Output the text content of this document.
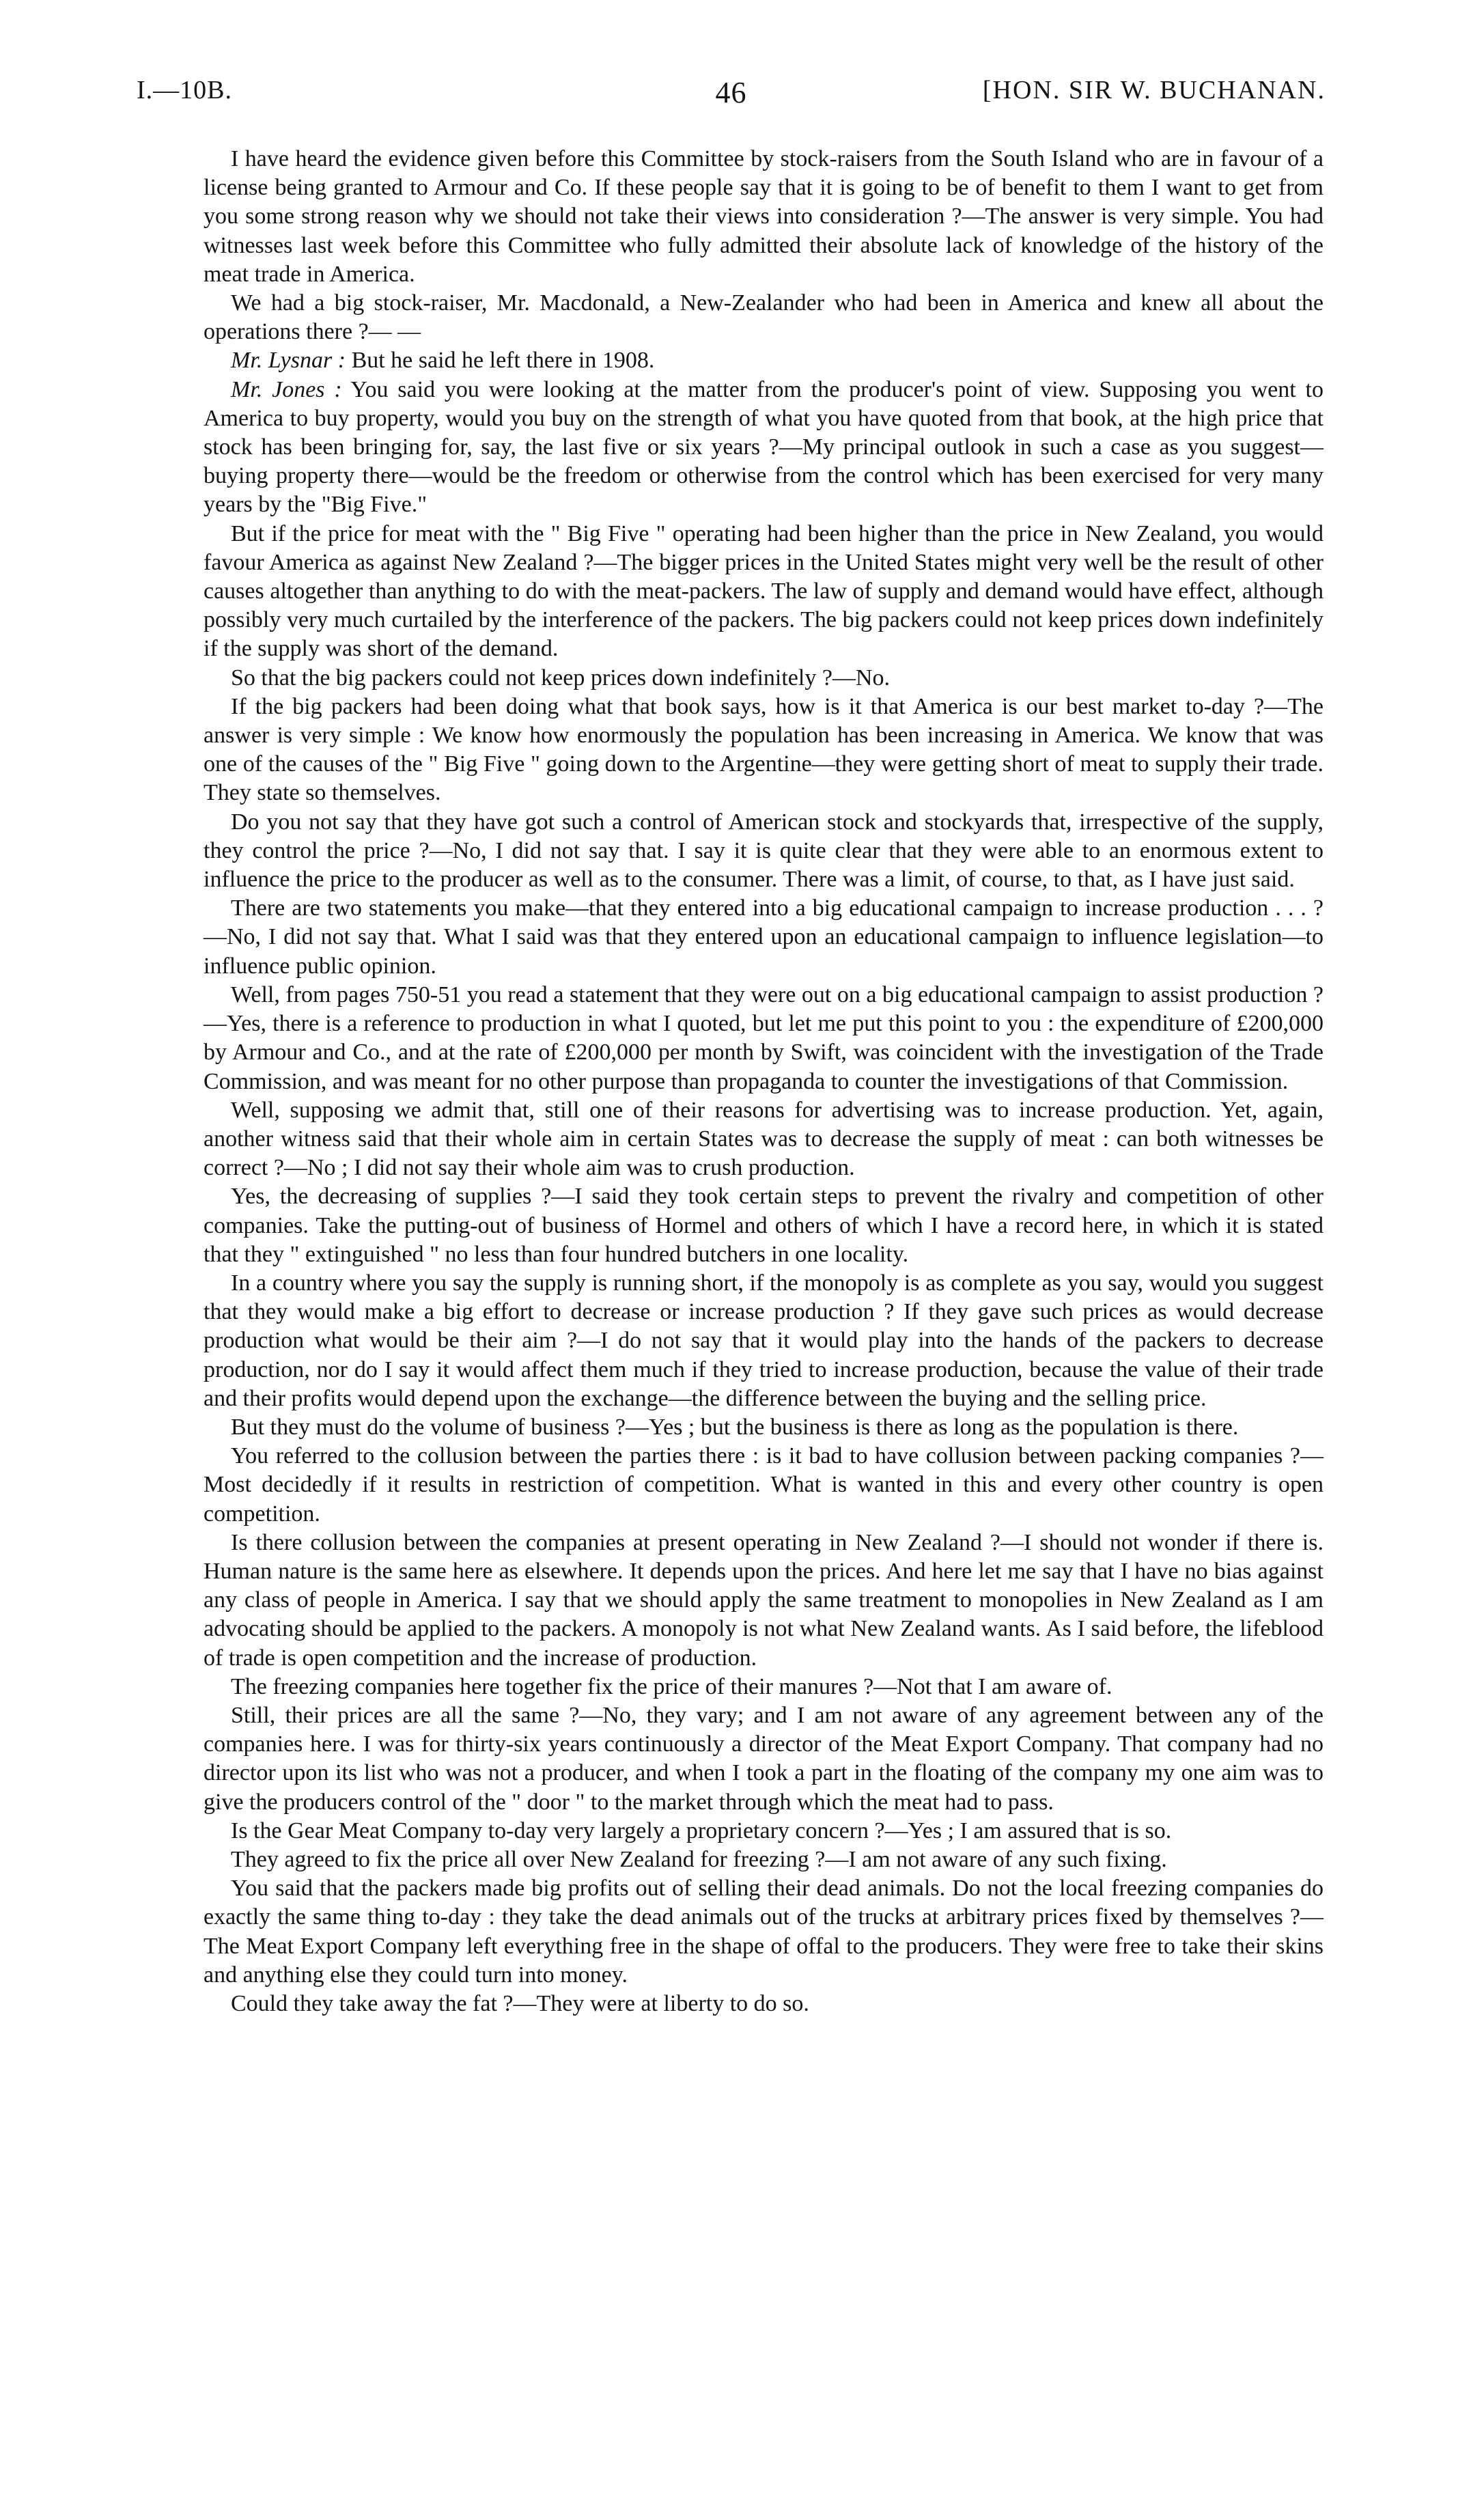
I.—10B.	46	[HON. SIR W. BUCHANAN.

I have heard the evidence given before this Committee by stock-raisers from the South Island who are in favour of a license being granted to Armour and Co. If these people say that it is going to be of benefit to them I want to get from you some strong reason why we should not take their views into consideration ?—The answer is very simple. You had witnesses last week before this Committee who fully admitted their absolute lack of knowledge of the history of the meat trade in America.

We had a big stock-raiser, Mr. Macdonald, a New-Zealander who had been in America and knew all about the operations there ?— —

Mr. Lysnar : But he said he left there in 1908.

Mr. Jones : You said you were looking at the matter from the producer's point of view. Supposing you went to America to buy property, would you buy on the strength of what you have quoted from that book, at the high price that stock has been bringing for, say, the last five or six years ?—My principal outlook in such a case as you suggest—buying property there—would be the freedom or otherwise from the control which has been exercised for very many years by the "Big Five."

But if the price for meat with the " Big Five " operating had been higher than the price in New Zealand, you would favour America as against New Zealand ?—The bigger prices in the United States might very well be the result of other causes altogether than anything to do with the meat-packers. The law of supply and demand would have effect, although possibly very much curtailed by the interference of the packers. The big packers could not keep prices down indefinitely if the supply was short of the demand.

So that the big packers could not keep prices down indefinitely ?—No.

If the big packers had been doing what that book says, how is it that America is our best market to-day ?—The answer is very simple : We know how enormously the population has been increasing in America. We know that was one of the causes of the " Big Five " going down to the Argentine—they were getting short of meat to supply their trade. They state so themselves.

Do you not say that they have got such a control of American stock and stockyards that, irrespective of the supply, they control the price ?—No, I did not say that. I say it is quite clear that they were able to an enormous extent to influence the price to the producer as well as to the consumer. There was a limit, of course, to that, as I have just said.

There are two statements you make—that they entered into a big educational campaign to increase production . . . ?—No, I did not say that. What I said was that they entered upon an educational campaign to influence legislation—to influence public opinion.

Well, from pages 750-51 you read a statement that they were out on a big educational campaign to assist production ?—Yes, there is a reference to production in what I quoted, but let me put this point to you : the expenditure of £200,000 by Armour and Co., and at the rate of £200,000 per month by Swift, was coincident with the investigation of the Trade Commission, and was meant for no other purpose than propaganda to counter the investigations of that Commission.

Well, supposing we admit that, still one of their reasons for advertising was to increase production. Yet, again, another witness said that their whole aim in certain States was to decrease the supply of meat : can both witnesses be correct ?—No ; I did not say their whole aim was to crush production.

Yes, the decreasing of supplies ?—I said they took certain steps to prevent the rivalry and competition of other companies. Take the putting-out of business of Hormel and others of which I have a record here, in which it is stated that they " extinguished " no less than four hundred butchers in one locality.

In a country where you say the supply is running short, if the monopoly is as complete as you say, would you suggest that they would make a big effort to decrease or increase production ? If they gave such prices as would decrease production what would be their aim ?—I do not say that it would play into the hands of the packers to decrease production, nor do I say it would affect them much if they tried to increase production, because the value of their trade and their profits would depend upon the exchange—the difference between the buying and the selling price.

But they must do the volume of business ?—Yes ; but the business is there as long as the population is there.

You referred to the collusion between the parties there : is it bad to have collusion between packing companies ?—Most decidedly if it results in restriction of competition. What is wanted in this and every other country is open competition.

Is there collusion between the companies at present operating in New Zealand ?—I should not wonder if there is. Human nature is the same here as elsewhere. It depends upon the prices. And here let me say that I have no bias against any class of people in America. I say that we should apply the same treatment to monopolies in New Zealand as I am advocating should be applied to the packers. A monopoly is not what New Zealand wants. As I said before, the lifeblood of trade is open competition and the increase of production.

The freezing companies here together fix the price of their manures ?—Not that I am aware of.

Still, their prices are all the same ?—No, they vary; and I am not aware of any agreement between any of the companies here. I was for thirty-six years continuously a director of the Meat Export Company. That company had no director upon its list who was not a producer, and when I took a part in the floating of the company my one aim was to give the producers control of the " door " to the market through which the meat had to pass.

Is the Gear Meat Company to-day very largely a proprietary concern ?—Yes ; I am assured that is so.

They agreed to fix the price all over New Zealand for freezing ?—I am not aware of any such fixing.

You said that the packers made big profits out of selling their dead animals. Do not the local freezing companies do exactly the same thing to-day : they take the dead animals out of the trucks at arbitrary prices fixed by themselves ?—The Meat Export Company left everything free in the shape of offal to the producers. They were free to take their skins and anything else they could turn into money.

Could they take away the fat ?—They were at liberty to do so.
